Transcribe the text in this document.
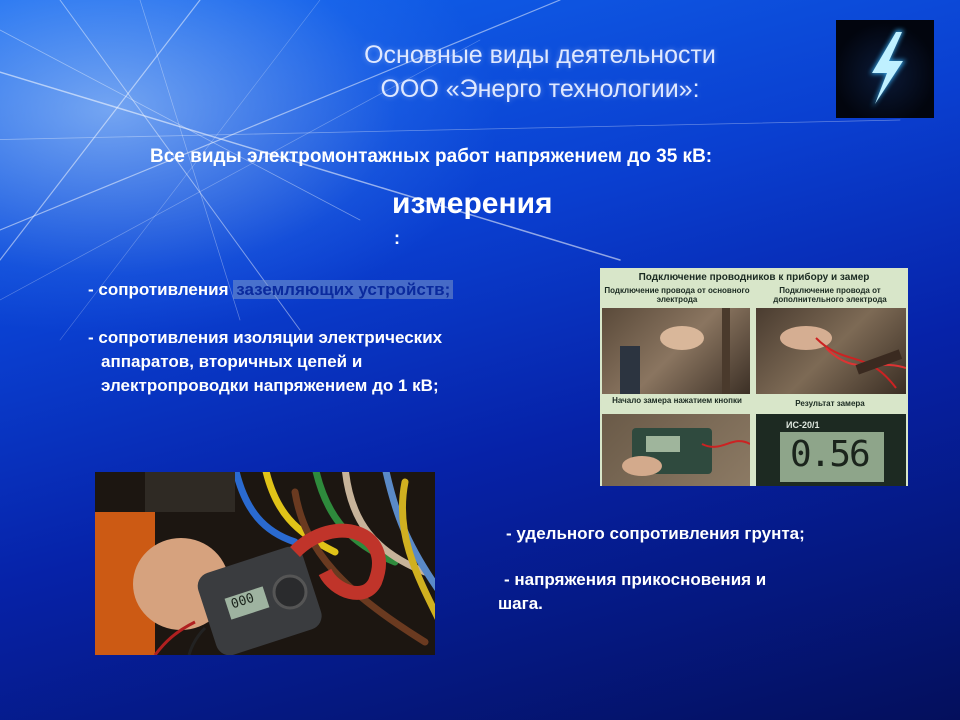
Основные виды деятельности
ООО «Энерго технологии»:
Все виды электромонтажных работ напряжением до 35 кВ:
измерения
:
- сопротивления заземляющих устройств;
- сопротивления изоляции электрических
аппаратов, вторичных цепей и
электропроводки напряжением до 1 кВ;
- удельного сопротивления грунта;
- напряжения прикосновения и
шага.
Подключение проводников к прибору и замер
Подключение провода от основного электрода
Подключение провода от дополнительного электрода
Начало замера нажатием кнопки	Результат замера
ИС-20/1
0.56
000
